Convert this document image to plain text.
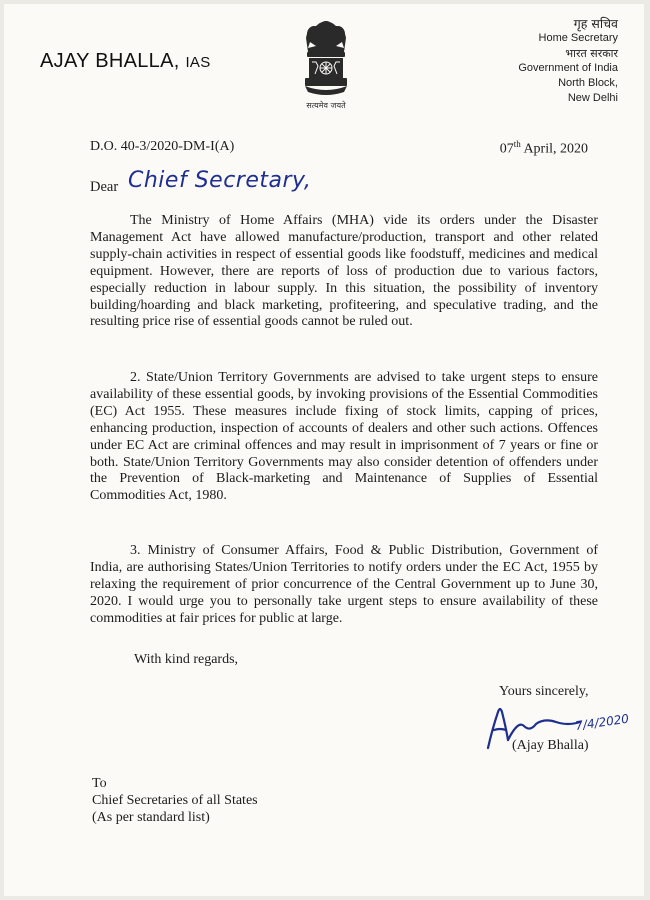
AJAY BHALLA, IAS
सत्यमेव जयते
गृह सचिव
Home Secretary
भारत सरकार
Government of India
North Block,
New Delhi
D.O. 40-3/2020-DM-I(A)	07th April, 2020
Dear Chief Secretary,

The Ministry of Home Affairs (MHA) vide its orders under the Disaster Management Act have allowed manufacture/production, transport and other related supply-chain activities in respect of essential goods like foodstuff, medicines and medical equipment. However, there are reports of loss of production due to various factors, especially reduction in labour supply. In this situation, the possibility of inventory building/hoarding and black marketing, profiteering, and speculative trading, and the resulting price rise of essential goods cannot be ruled out.

2. State/Union Territory Governments are advised to take urgent steps to ensure availability of these essential goods, by invoking provisions of the Essential Commodities (EC) Act 1955. These measures include fixing of stock limits, capping of prices, enhancing production, inspection of accounts of dealers and other such actions. Offences under EC Act are criminal offences and may result in imprisonment of 7 years or fine or both. State/Union Territory Governments may also consider detention of offenders under the Prevention of Black-marketing and Maintenance of Supplies of Essential Commodities Act, 1980.

3. Ministry of Consumer Affairs, Food & Public Distribution, Government of India, are authorising States/Union Territories to notify orders under the EC Act, 1955 by relaxing the requirement of prior concurrence of the Central Government up to June 30, 2020. I would urge you to personally take urgent steps to ensure availability of these commodities at fair prices for public at large.

With kind regards,
Yours sincerely,
7/4/2020
(Ajay Bhalla)
To
Chief Secretaries of all States
(As per standard list)
